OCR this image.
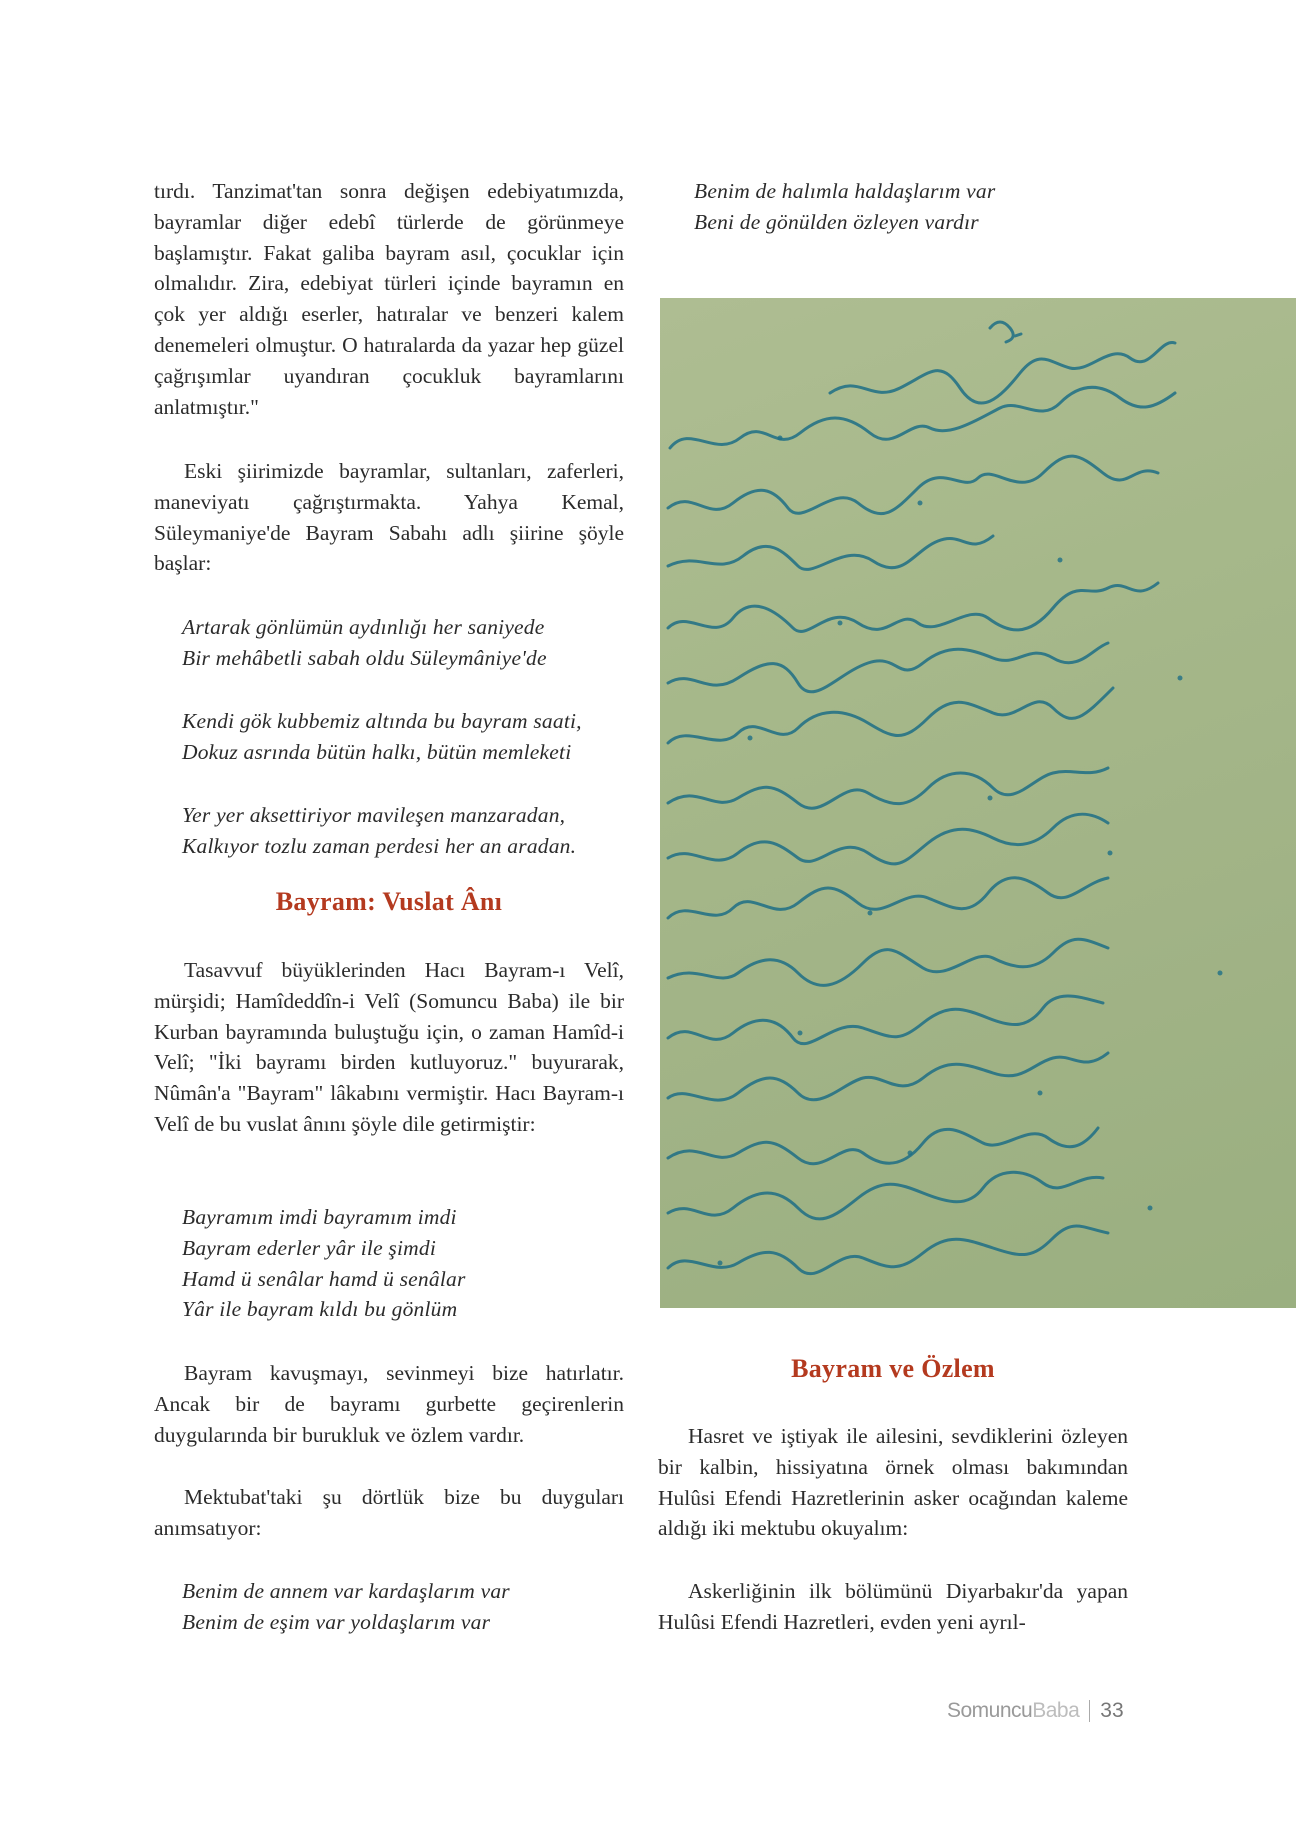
tırdı. Tanzimat'tan sonra değişen edebiyatımızda, bayramlar diğer edebî türlerde de görünmeye başlamıştır. Fakat galiba bayram asıl, çocuklar için olmalıdır. Zira, edebiyat türleri içinde bayramın en çok yer aldığı eserler, hatıralar ve benzeri kalem denemeleri olmuştur. O hatıralarda da yazar hep güzel çağrışımlar uyandıran çocukluk bayramlarını anlatmıştır."

Eski şiirimizde bayramlar, sultanları, zaferleri, maneviyatı çağrıştırmakta. Yahya Kemal, Süleymaniye'de Bayram Sabahı adlı şiirine şöyle başlar:

Artarak gönlümün aydınlığı her saniyede
Bir mehâbetli sabah oldu Süleymâniye'de
Kendi gök kubbemiz altında bu bayram saati,
Dokuz asrında bütün halkı, bütün memleketi
Yer yer aksettiriyor mavileşen manzaradan,
Kalkıyor tozlu zaman perdesi her an aradan.
Bayram: Vuslat Ânı

Tasavvuf büyüklerinden Hacı Bayram-ı Velî, mürşidi; Hamîdeddîn-i Velî (Somuncu Baba) ile bir Kurban bayramında buluştuğu için, o zaman Hamîd-i Velî; "İki bayramı birden kutluyoruz." buyurarak, Nûmân'a "Bayram" lâkabını vermiştir. Hacı Bayram-ı Velî de bu vuslat ânını şöyle dile getirmiştir:

Bayramım imdi bayramım imdi
Bayram ederler yâr ile şimdi
Hamd ü senâlar hamd ü senâlar
Yâr ile bayram kıldı bu gönlüm

Bayram kavuşmayı, sevinmeyi bize hatırlatır. Ancak bir de bayramı gurbette geçirenlerin duygularında bir burukluk ve özlem vardır.

Mektubat'taki şu dörtlük bize bu duyguları anımsatıyor:

Benim de annem var kardaşlarım var
Benim de eşim var yoldaşlarım var
Benim de halımla haldaşlarım var
Beni de gönülden özleyen vardır
Bayram ve Özlem

Hasret ve iştiyak ile ailesini, sevdiklerini özleyen bir kalbin, hissiyatına örnek olması bakımından Hulûsi Efendi Hazretlerinin asker ocağından kaleme aldığı iki mektubu okuyalım:

Askerliğinin ilk bölümünü Diyarbakır'da yapan Hulûsi Efendi Hazretleri, evden yeni ayrıl-

Somuncu Baba 33
